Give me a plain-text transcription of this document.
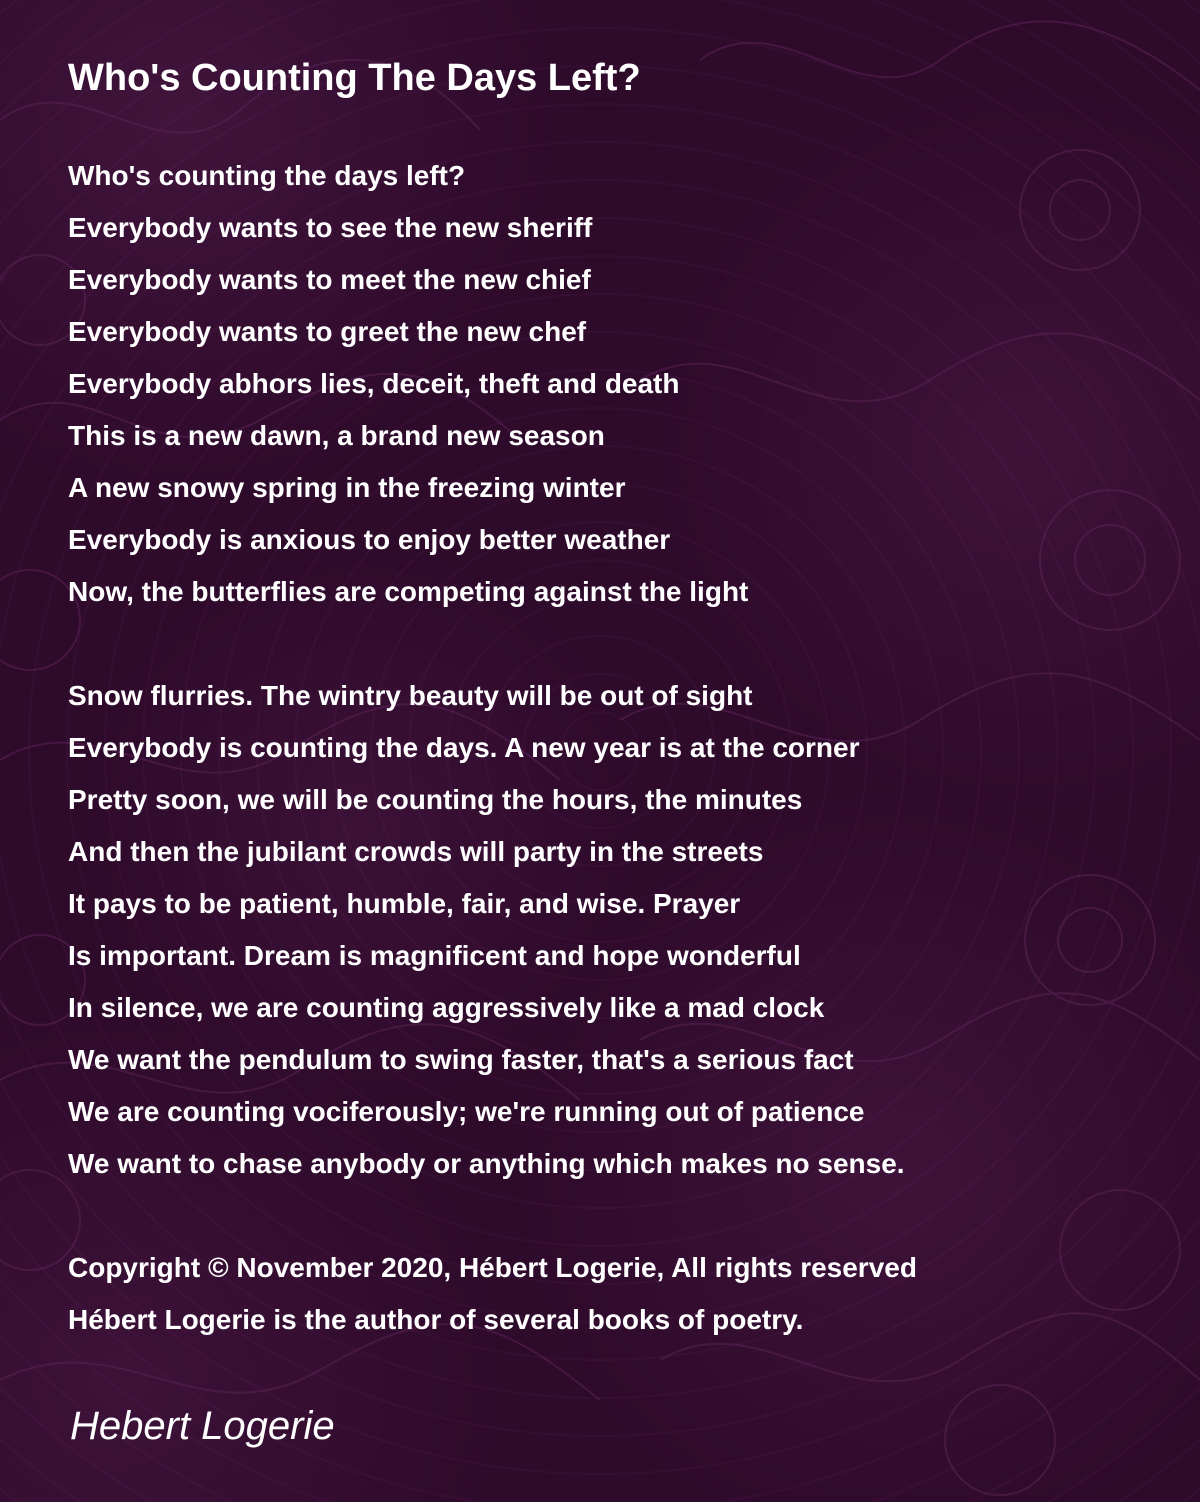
Who's Counting The Days Left?
Who's counting the days left?
Everybody wants to see the new sheriff
Everybody wants to meet the new chief
Everybody wants to greet the new chef
Everybody abhors lies, deceit, theft and death
This is a new dawn, a brand new season
A new snowy spring in the freezing winter
Everybody is anxious to enjoy better weather
Now, the butterflies are competing against the light
Snow flurries. The wintry beauty will be out of sight
Everybody is counting the days. A new year is at the corner
Pretty soon, we will be counting the hours, the minutes
And then the jubilant crowds will party in the streets
It pays to be patient, humble, fair, and wise. Prayer
Is important. Dream is magnificent and hope wonderful
In silence, we are counting aggressively like a mad clock
We want the pendulum to swing faster, that's a serious fact
We are counting vociferously; we're running out of patience
We want to chase anybody or anything which makes no sense.
Copyright © November 2020, Hébert Logerie, All rights reserved
Hébert Logerie is the author of several books of poetry.
Hebert Logerie
